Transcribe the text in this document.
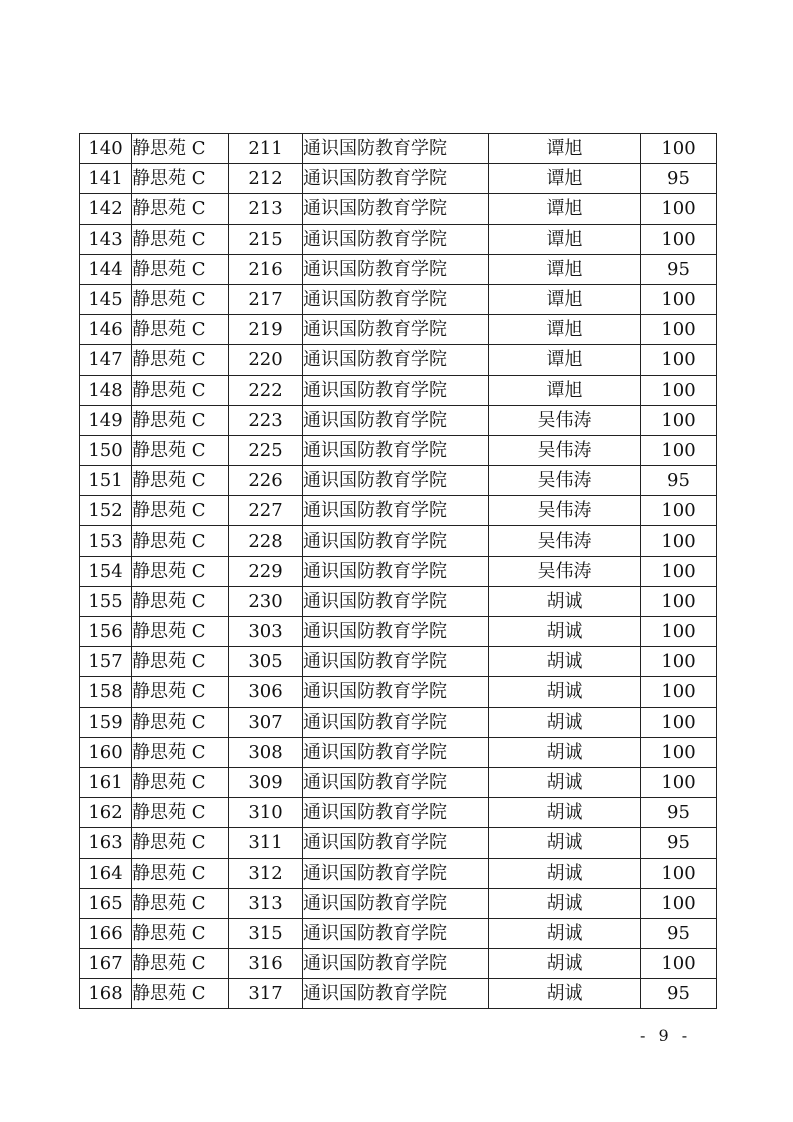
140	静思苑 C	211	通识国防教育学院	谭旭	100
141	静思苑 C	212	通识国防教育学院	谭旭	95
142	静思苑 C	213	通识国防教育学院	谭旭	100
143	静思苑 C	215	通识国防教育学院	谭旭	100
144	静思苑 C	216	通识国防教育学院	谭旭	95
145	静思苑 C	217	通识国防教育学院	谭旭	100
146	静思苑 C	219	通识国防教育学院	谭旭	100
147	静思苑 C	220	通识国防教育学院	谭旭	100
148	静思苑 C	222	通识国防教育学院	谭旭	100
149	静思苑 C	223	通识国防教育学院	吴伟涛	100
150	静思苑 C	225	通识国防教育学院	吴伟涛	100
151	静思苑 C	226	通识国防教育学院	吴伟涛	95
152	静思苑 C	227	通识国防教育学院	吴伟涛	100
153	静思苑 C	228	通识国防教育学院	吴伟涛	100
154	静思苑 C	229	通识国防教育学院	吴伟涛	100
155	静思苑 C	230	通识国防教育学院	胡诚	100
156	静思苑 C	303	通识国防教育学院	胡诚	100
157	静思苑 C	305	通识国防教育学院	胡诚	100
158	静思苑 C	306	通识国防教育学院	胡诚	100
159	静思苑 C	307	通识国防教育学院	胡诚	100
160	静思苑 C	308	通识国防教育学院	胡诚	100
161	静思苑 C	309	通识国防教育学院	胡诚	100
162	静思苑 C	310	通识国防教育学院	胡诚	95
163	静思苑 C	311	通识国防教育学院	胡诚	95
164	静思苑 C	312	通识国防教育学院	胡诚	100
165	静思苑 C	313	通识国防教育学院	胡诚	100
166	静思苑 C	315	通识国防教育学院	胡诚	95
167	静思苑 C	316	通识国防教育学院	胡诚	100
168	静思苑 C	317	通识国防教育学院	胡诚	95
- 9 -
